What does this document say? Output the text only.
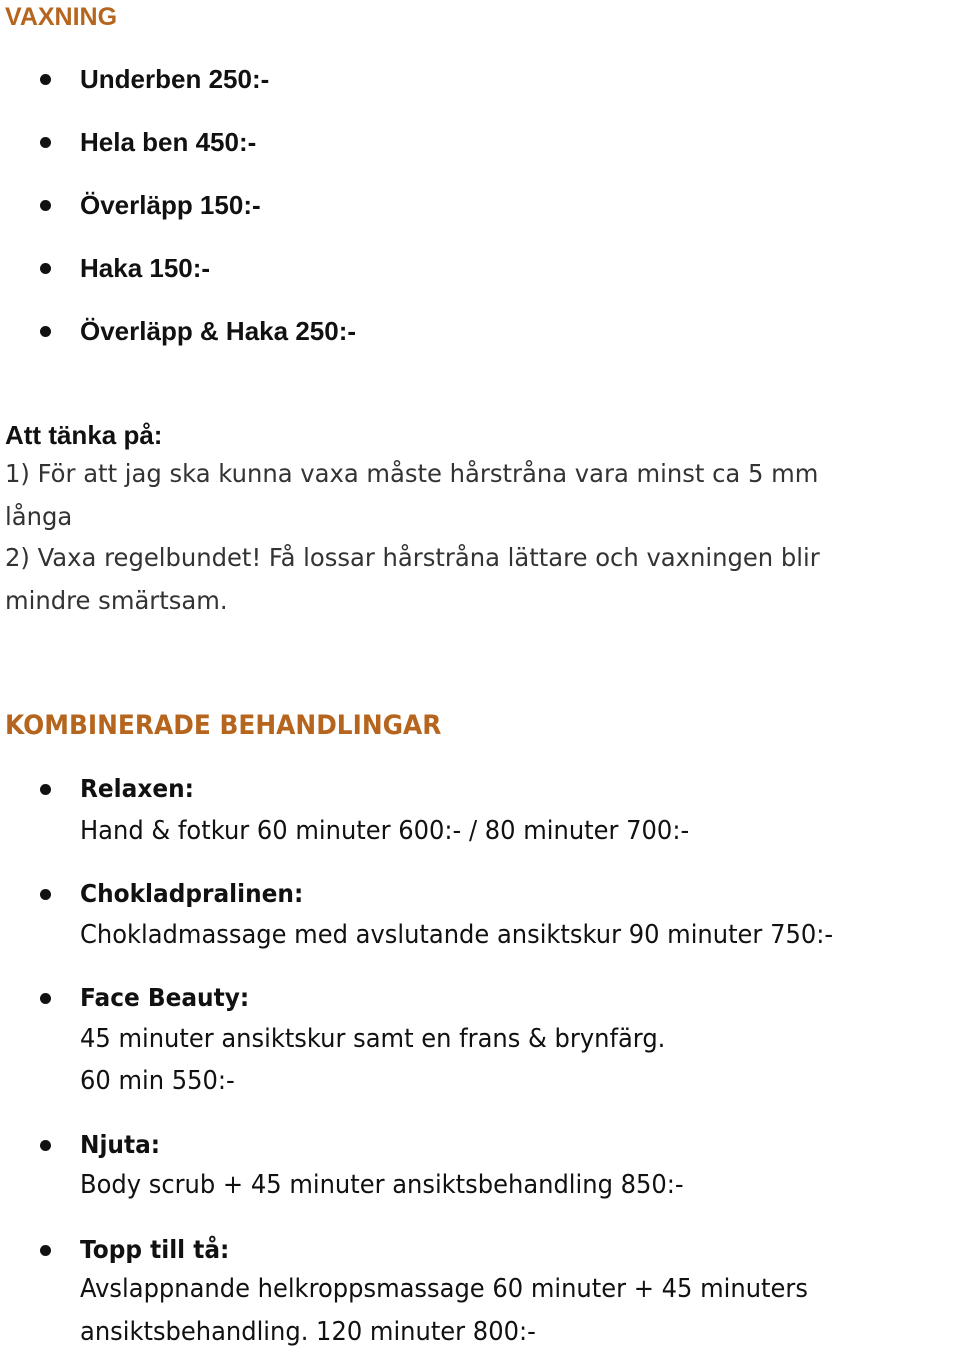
VAXNING
Underben 250:-
Hela ben 450:-
Överläpp 150:-
Haka 150:-
Överläpp & Haka 250:-
Att tänka på:
1) För att jag ska kunna vaxa måste hårstråna vara minst ca 5 mm
långa
2) Vaxa regelbundet! Få lossar hårstråna lättare och vaxningen blir
mindre smärtsam.
KOMBINERADE BEHANDLINGAR
Relaxen:
Hand & fotkur 60 minuter 600:- / 80 minuter 700:-
Chokladpralinen:
Chokladmassage med avslutande ansiktskur 90 minuter 750:-
Face Beauty:
45 minuter ansiktskur samt en frans & brynfärg.
60 min 550:-
Njuta:
Body scrub + 45 minuter ansiktsbehandling 850:-
Topp till tå:
Avslappnande helkroppsmassage 60 minuter + 45 minuters
ansiktsbehandling. 120 minuter 800:-
